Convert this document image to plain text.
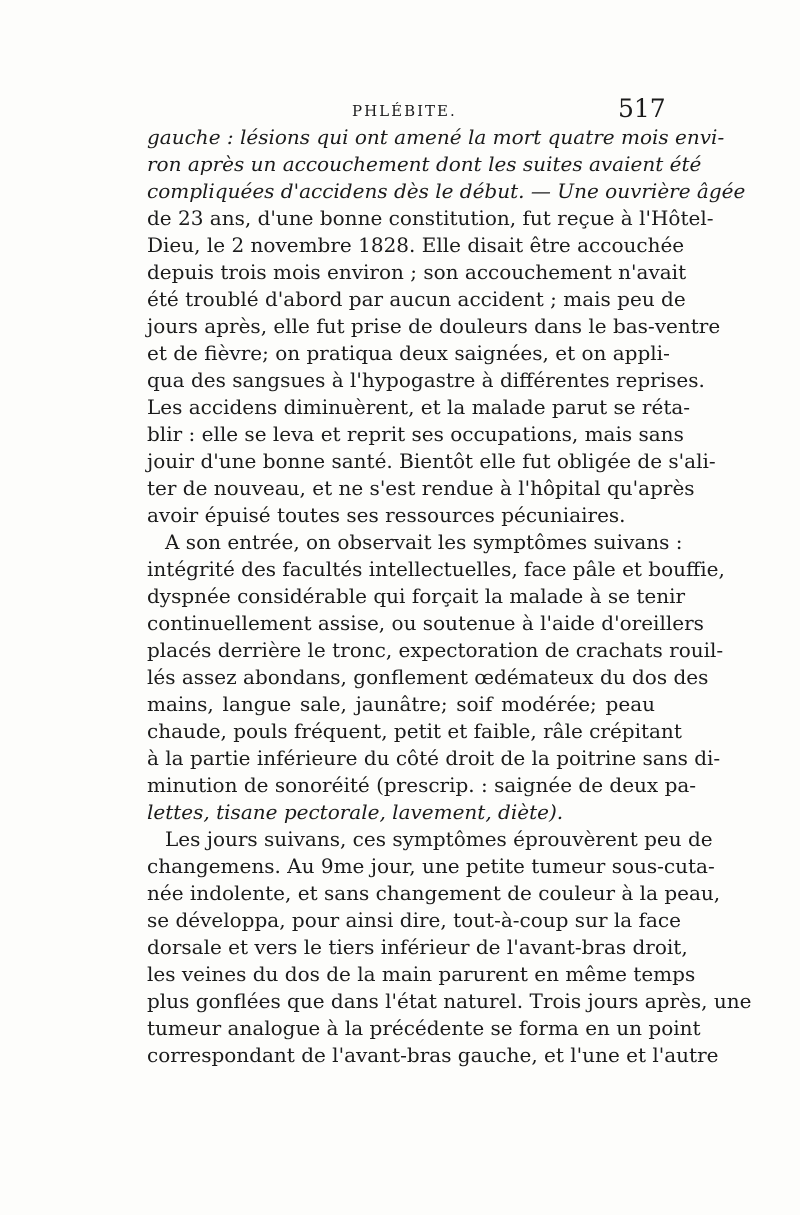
PHLÉBITE.	517
gauche : lésions qui ont amené la mort quatre mois envi-
ron après un accouchement dont les suites avaient été
compliquées d'accidens dès le début. — Une ouvrière âgée
de 23 ans, d'une bonne constitution, fut reçue à l'Hôtel-
Dieu, le 2 novembre 1828. Elle disait être accouchée
depuis trois mois environ ; son accouchement n'avait
été troublé d'abord par aucun accident ; mais peu de
jours après, elle fut prise de douleurs dans le bas-ventre
et de fièvre; on pratiqua deux saignées, et on appli-
qua des sangsues à l'hypogastre à différentes reprises.
Les accidens diminuèrent, et la malade parut se réta-
blir : elle se leva et reprit ses occupations, mais sans
jouir d'une bonne santé. Bientôt elle fut obligée de s'ali-
ter de nouveau, et ne s'est rendue à l'hôpital qu'après
avoir épuisé toutes ses ressources pécuniaires.
A son entrée, on observait les symptômes suivans :
intégrité des facultés intellectuelles, face pâle et bouffie,
dyspnée considérable qui forçait la malade à se tenir
continuellement assise, ou soutenue à l'aide d'oreillers
placés derrière le tronc, expectoration de crachats rouil-
lés assez abondans, gonflement œdémateux du dos des
mains, langue sale, jaunâtre; soif modérée; peau
chaude, pouls fréquent, petit et faible, râle crépitant
à la partie inférieure du côté droit de la poitrine sans di-
minution de sonoréité (prescrip. : saignée de deux pa-
lettes, tisane pectorale, lavement, diète).
Les jours suivans, ces symptômes éprouvèrent peu de
changemens. Au 9me jour, une petite tumeur sous-cuta-
née indolente, et sans changement de couleur à la peau,
se développa, pour ainsi dire, tout-à-coup sur la face
dorsale et vers le tiers inférieur de l'avant-bras droit,
les veines du dos de la main parurent en même temps
plus gonflées que dans l'état naturel. Trois jours après, une
tumeur analogue à la précédente se forma en un point
correspondant de l'avant-bras gauche, et l'une et l'autre
